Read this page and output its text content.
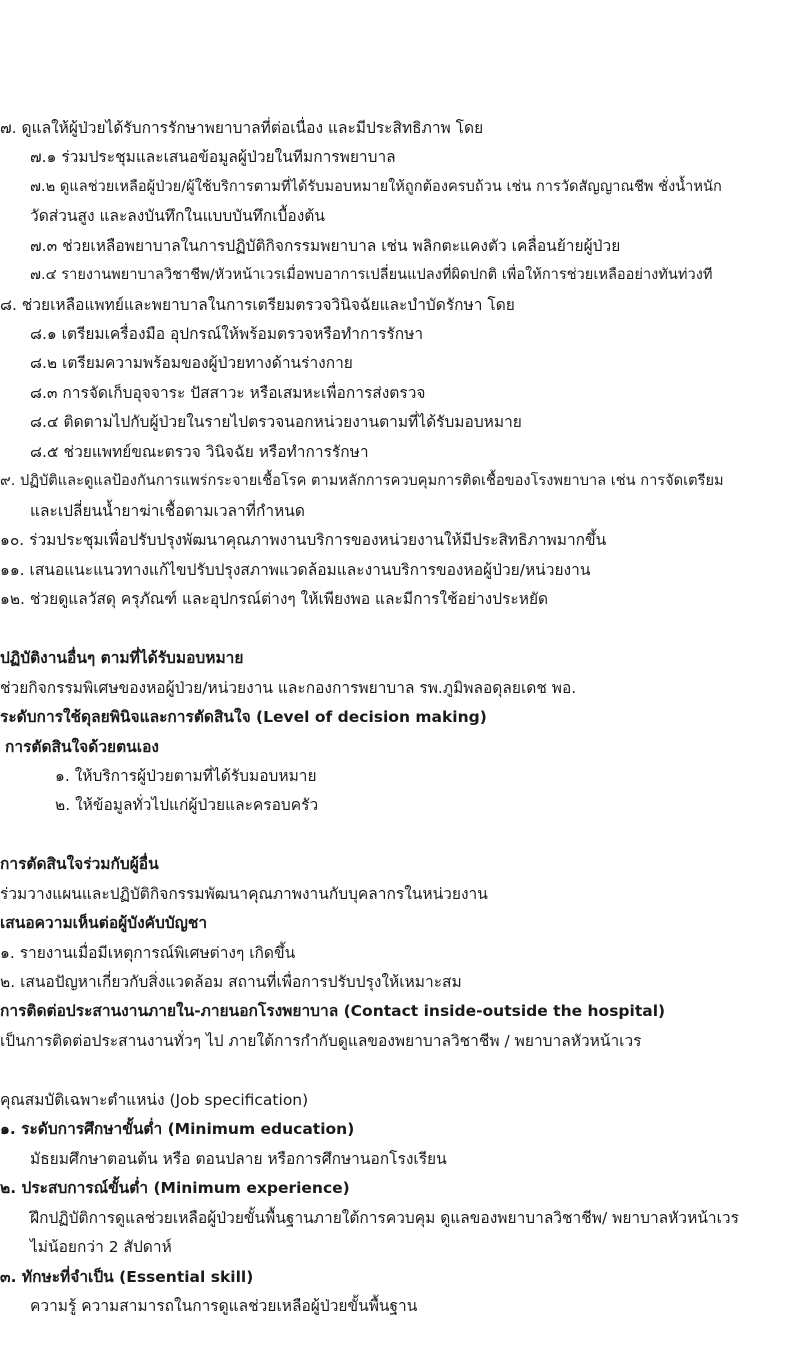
๗. ดูแลให้ผู้ป่วยได้รับการรักษาพยาบาลที่ต่อเนื่อง และมีประสิทธิภาพ โดย
๗.๑ ร่วมประชุมและเสนอข้อมูลผู้ป่วยในทีมการพยาบาล
๗.๒ ดูแลช่วยเหลือผู้ป่วย/ผู้ใช้บริการตามที่ได้รับมอบหมายให้ถูกต้องครบถ้วน เช่น การวัดสัญญาณชีพ ชั่งน้ำหนัก
วัดส่วนสูง และลงบันทึกในแบบบันทึกเบื้องต้น
๗.๓ ช่วยเหลือพยาบาลในการปฏิบัติกิจกรรมพยาบาล เช่น พลิกตะแคงตัว เคลื่อนย้ายผู้ป่วย
๗.๔ รายงานพยาบาลวิชาชีพ/หัวหน้าเวรเมื่อพบอาการเปลี่ยนแปลงที่ผิดปกติ เพื่อให้การช่วยเหลืออย่างทันท่วงที
๘. ช่วยเหลือแพทย์และพยาบาลในการเตรียมตรวจวินิจฉัยและบำบัดรักษา โดย
๘.๑ เตรียมเครื่องมือ อุปกรณ์ให้พร้อมตรวจหรือทำการรักษา
๘.๒ เตรียมความพร้อมของผู้ป่วยทางด้านร่างกาย
๘.๓ การจัดเก็บอุจจาระ ปัสสาวะ หรือเสมหะเพื่อการส่งตรวจ
๘.๔ ติดตามไปกับผู้ป่วยในรายไปตรวจนอกหน่วยงานตามที่ได้รับมอบหมาย
๘.๕ ช่วยแพทย์ขณะตรวจ วินิจฉัย หรือทำการรักษา
๙. ปฏิบัติและดูแลป้องกันการแพร่กระจายเชื้อโรค ตามหลักการควบคุมการติดเชื้อของโรงพยาบาล เช่น การจัดเตรียม
และเปลี่ยนน้ำยาฆ่าเชื้อตามเวลาที่กำหนด
๑๐. ร่วมประชุมเพื่อปรับปรุงพัฒนาคุณภาพงานบริการของหน่วยงานให้มีประสิทธิภาพมากขึ้น
๑๑. เสนอแนะแนวทางแก้ไขปรับปรุงสภาพแวดล้อมและงานบริการของหอผู้ป่วย/หน่วยงาน
๑๒. ช่วยดูแลวัสดุ ครุภัณฑ์ และอุปกรณ์ต่างๆ ให้เพียงพอ และมีการใช้อย่างประหยัด
ปฏิบัติงานอื่นๆ ตามที่ได้รับมอบหมาย
ช่วยกิจกรรมพิเศษของหอผู้ป่วย/หน่วยงาน และกองการพยาบาล รพ.ภูมิพลอดุลยเดช พอ.
ระดับการใช้ดุลยพินิจและการตัดสินใจ (Level of decision making)
การตัดสินใจด้วยตนเอง
๑. ให้บริการผู้ป่วยตามที่ได้รับมอบหมาย
๒. ให้ข้อมูลทั่วไปแก่ผู้ป่วยและครอบครัว
การตัดสินใจร่วมกับผู้อื่น
ร่วมวางแผนและปฏิบัติกิจกรรมพัฒนาคุณภาพงานกับบุคลากรในหน่วยงาน
เสนอความเห็นต่อผู้บังคับบัญชา
๑. รายงานเมื่อมีเหตุการณ์พิเศษต่างๆ เกิดขึ้น
๒. เสนอปัญหาเกี่ยวกับสิ่งแวดล้อม สถานที่เพื่อการปรับปรุงให้เหมาะสม
การติดต่อประสานงานภายใน-ภายนอกโรงพยาบาล (Contact inside-outside the hospital)
เป็นการติดต่อประสานงานทั่วๆ ไป ภายใต้การกำกับดูแลของพยาบาลวิชาชีพ / พยาบาลหัวหน้าเวร
คุณสมบัติเฉพาะตำแหน่ง (Job specification)
๑. ระดับการศึกษาขั้นต่ำ (Minimum education)
มัธยมศึกษาตอนต้น หรือ ตอนปลาย หรือการศึกษานอกโรงเรียน
๒. ประสบการณ์ขั้นต่ำ (Minimum experience)
ฝึกปฏิบัติการดูแลช่วยเหลือผู้ป่วยขั้นพื้นฐานภายใต้การควบคุม ดูแลของพยาบาลวิชาชีพ/ พยาบาลหัวหน้าเวร
ไม่น้อยกว่า 2 สัปดาห์
๓. ทักษะที่จำเป็น (Essential skill)
ความรู้ ความสามารถในการดูแลช่วยเหลือผู้ป่วยขั้นพื้นฐาน
